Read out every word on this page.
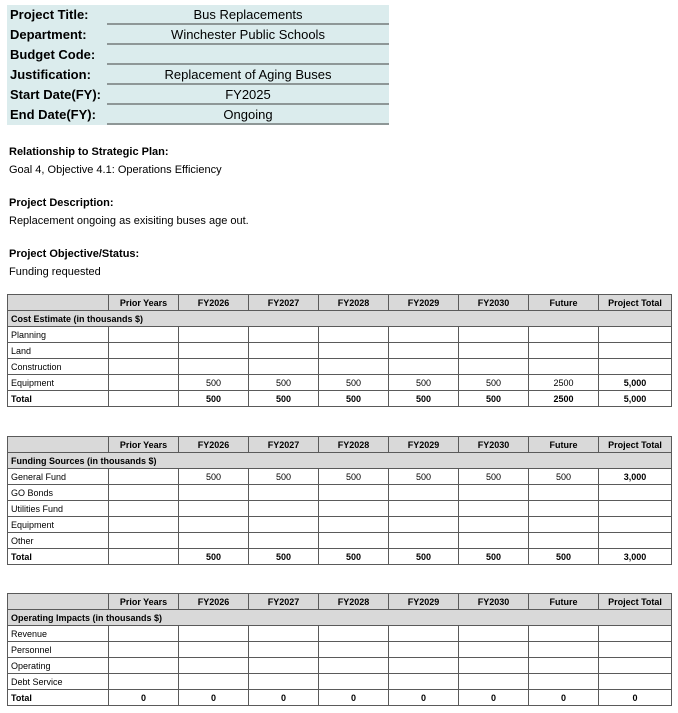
Project Title:	Bus Replacements
Department:	Winchester Public Schools
Budget Code:
Justification:	Replacement of Aging Buses
Start Date(FY):	FY2025
End Date(FY):	Ongoing
Relationship to Strategic Plan:
Goal 4, Objective 4.1: Operations Efficiency
Project Description:
Replacement ongoing as exisiting buses age out.
Project Objective/Status:
Funding requested
	Prior Years	FY2026	FY2027	FY2028	FY2029	FY2030	Future	Project Total
Cost Estimate (in thousands $)								
Planning								
Land								
Construction								
Equipment		500	500	500	500	500	2500	5,000
Total		500	500	500	500	500	2500	5,000
	Prior Years	FY2026	FY2027	FY2028	FY2029	FY2030	Future	Project Total
Funding Sources (in thousands $)								
General Fund		500	500	500	500	500	500	3,000
GO Bonds								
Utilities Fund								
Equipment								
Other								
Total		500	500	500	500	500	500	3,000
	Prior Years	FY2026	FY2027	FY2028	FY2029	FY2030	Future	Project Total
Operating Impacts (in thousands $)								
Revenue								
Personnel								
Operating								
Debt Service								
Total	0	0	0	0	0	0	0	0
